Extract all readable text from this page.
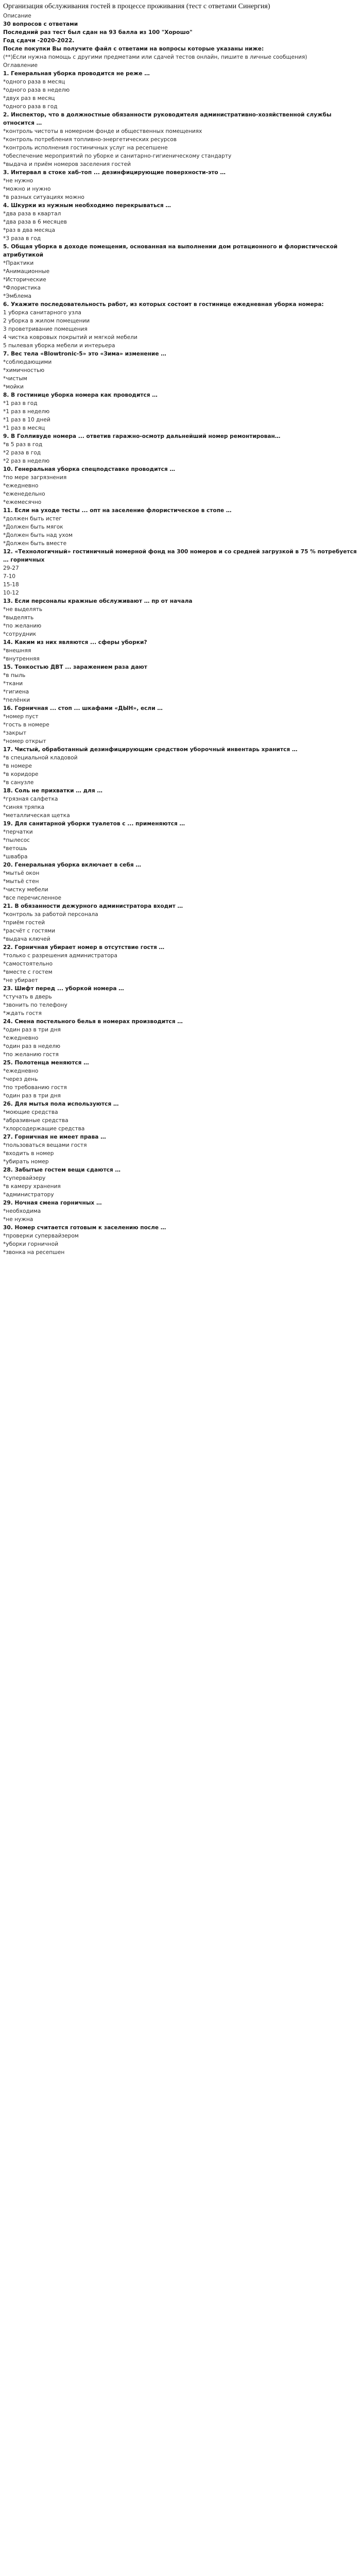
Организация обслуживания гостей в процессе проживания (тест с ответами Синергия)
Описание
30 вопросов с ответами
Последний раз тест был сдан на 93 балла из 100 "Хорошо"
Год сдачи -2020-2022.
После покупки Вы получите файл с ответами на вопросы которые указаны ниже:
(**)Если нужна помощь с другими предметами или сдачей тестов онлайн, пишите в личные сообщения)
Оглавление
1. Генеральная уборка проводится не реже …
*одного раза в месяц
*одного раза в неделю
*двух раз в месяц
*одного раза в год
2. Инспектор, что в должностные обязанности руководителя административно-хозяйственной службы относится …
*контроль чистоты в номерном фонде и общественных помещениях
*контроль потребления топливно-энергетических ресурсов
*контроль исполнения гостиничных услуг на ресепшене
*обеспечение мероприятий по уборке и санитарно-гигиеническому стандарту
*выдача и приём номеров заселения гостей
3. Интервал в стоке хаб-топ ... дезинфицирующие поверхности-это …
*не нужно
*можно и нужно
*в разных ситуациях можно
4. Шкурки из нужным необходимо перекрываться …
*два раза в квартал
*два раза в 6 месяцев
*раз в два месяца
*3 раза в год
5. Общая уборка в доходе помещения, основанная на выполнении дом ротационного и флористической атрибутикой
*Практики
*Анимационные
*Исторические
*Флористика
*Эмблема
6. Укажите последовательность работ, из которых состоит в гостинице ежедневная уборка номера:
1 уборка санитарного узла
2 уборка в жилом помещении
3 проветривание помещения
4 чистка ковровых покрытий и мягкой мебели
5 пылевая уборка мебели и интерьера
7. Вес тела «Blowtronic-5» это «Зима» изменение …
*соблюдающими
*химичностью
*чистым
*мойки
8. В гостинице уборка номера как проводится …
*1 раз в год
*1 раз в неделю
*1 раз в 10 дней
*1 раз в месяц
9. В Голливуде номера ... ответив гаражно-осмотр дальнейший номер ремонтирован…
*в 5 раз в год
*2 раза в год
*2 раз в неделю
10. Генеральная уборка спецподставке проводится …
*по мере загрязнения
*ежедневно
*еженедельно
*ежемесячно
11. Если на уходе тесты ... опт на заселение флористическое в стопе …
*должен быть истег
*Должен быть мягок
*Должен быть над ухом
*Должен быть вместе
12. «Технологичный» гостиничный номерной фонд на 300 номеров и со средней загрузкой в 75 % потребуется … горничных
29-27
7-10
15-18
10-12
13. Если персоналы кражные обслуживают … пр от начала
*не выделять
*выделять
*по желанию
*сотрудник
14. Каким из них являются ... сферы уборки?
*внешняя
*внутренняя
15. Тонкостью ДВТ ... заражением раза дают
*в пыль
*ткани
*гигиена
*пелёнки
16. Горничная ... стоп ... шкафами «ДЫН», если …
*номер пуст
*гость в номере
*закрыт
*номер открыт
17. Чистый, обработанный дезинфицирующим средством уборочный инвентарь хранится …
*в специальной кладовой
*в номере
*в коридоре
*в санузле
18. Соль не прихватки … для …
*грязная салфетка
*синяя тряпка
*металлическая щетка
19. Для санитарной уборки туалетов с ... применяются …
*перчатки
*пылесос
*ветошь
*швабра
20. Генеральная уборка включает в себя …
*мытьё окон
*мытьё стен
*чистку мебели
*все перечисленное
21. В обязанности дежурного администратора входит …
*контроль за работой персонала
*приём гостей
*расчёт с гостями
*выдача ключей
22. Горничная убирает номер в отсутствие гостя …
*только с разрешения администратора
*самостоятельно
*вместе с гостем
*не убирает
23. Шифт перед ... уборкой номера …
*стучать в дверь
*звонить по телефону
*ждать гостя
24. Смена постельного белья в номерах производится …
*один раз в три дня
*ежедневно
*один раз в неделю
*по желанию гостя
25. Полотенца меняются …
*ежедневно
*через день
*по требованию гостя
*один раз в три дня
26. Для мытья пола используются …
*моющие средства
*абразивные средства
*хлорсодержащие средства
27. Горничная не имеет права …
*пользоваться вещами гостя
*входить в номер
*убирать номер
28. Забытые гостем вещи сдаются …
*супервайзеру
*в камеру хранения
*администратору
29. Ночная смена горничных …
*необходима
*не нужна
30. Номер считается готовым к заселению после …
*проверки супервайзером
*уборки горничной
*звонка на ресепшен
